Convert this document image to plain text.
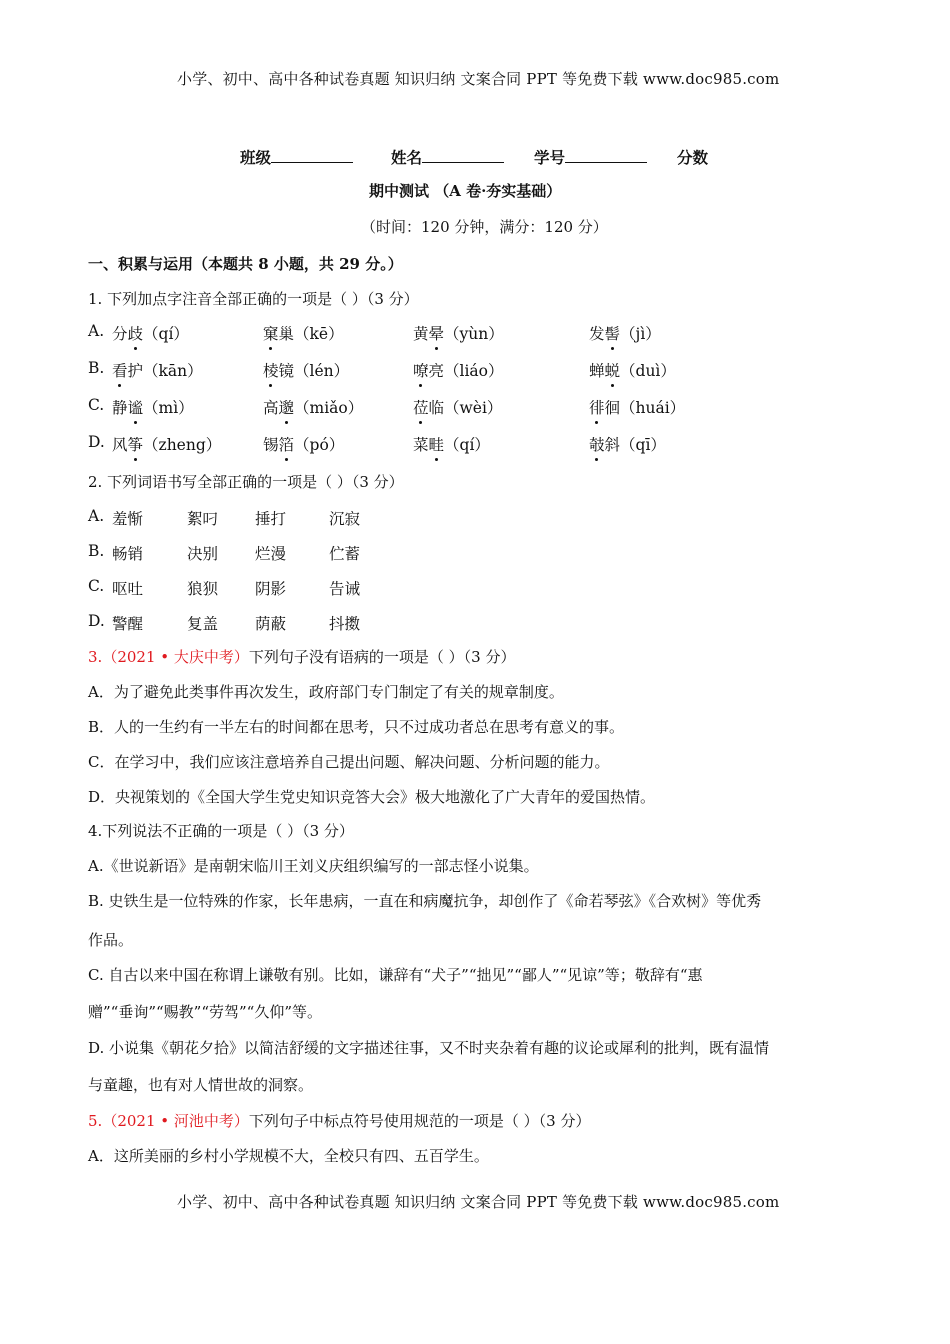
小学、初中、高中各种试卷真题 知识归纳 文案合同 PPT 等免费下载 www.doc985.com
班级	姓名	学号	分数
期中测试 （A 卷·夯实基础）
（时间：120 分钟，满分：120 分）
一、积累与运用（本题共 8 小题，共 29 分。）
1. 下列加点字注音全部正确的一项是（ ）（3 分）
A. 分歧（qí）	窠巢（kē）	黄晕（yùn）	发髻（jì）
B. 看护（kān）	棱镜（lén）	嘹亮（liáo）	蝉蜕（duì）
C. 静谧（mì）	高邈（miǎo）	莅临（wèi）	徘徊（huái）
D. 风筝（zheng）	锡箔（pó）	菜畦（qí）	攲斜（qī）
2. 下列词语书写全部正确的一项是（ ）（3 分）
A. 羞惭	絮叼 捶打	沉寂
B. 畅销	决别 烂漫	伫蓄
C. 呕吐	狼狈 阴影	告诫
D. 警醒	复盖 荫蔽	抖擞
3.（2021 • 大庆中考）下列句子没有语病的一项是（ ）（3 分）
A．为了避免此类事件再次发生，政府部门专门制定了有关的规章制度。
B．人的一生约有一半左右的时间都在思考，只不过成功者总在思考有意义的事。
C．在学习中，我们应该注意培养自己提出问题、解决问题、分析问题的能力。
D．央视策划的《全国大学生党史知识竞答大会》极大地激化了广大青年的爱国热情。
4.下列说法不正确的一项是（ ）（3 分）
A.《世说新语》是南朝宋临川王刘义庆组织编写的一部志怪小说集。
B. 史铁生是一位特殊的作家，长年患病，一直在和病魔抗争，却创作了《命若琴弦》《合欢树》等优秀
作品。
C. 自古以来中国在称谓上谦敬有别。比如，谦辞有“犬子”“拙见”“鄙人”“见谅”等；敬辞有“惠
赠”“垂询”“赐教”“劳驾”“久仰”等。
D. 小说集《朝花夕拾》以简洁舒缓的文字描述往事，又不时夹杂着有趣的议论或犀利的批判，既有温情
与童趣，也有对人情世故的洞察。
5.（2021 • 河池中考）下列句子中标点符号使用规范的一项是（ ）（3 分）
A．这所美丽的乡村小学规模不大，全校只有四、五百学生。
小学、初中、高中各种试卷真题 知识归纳 文案合同 PPT 等免费下载 www.doc985.com
